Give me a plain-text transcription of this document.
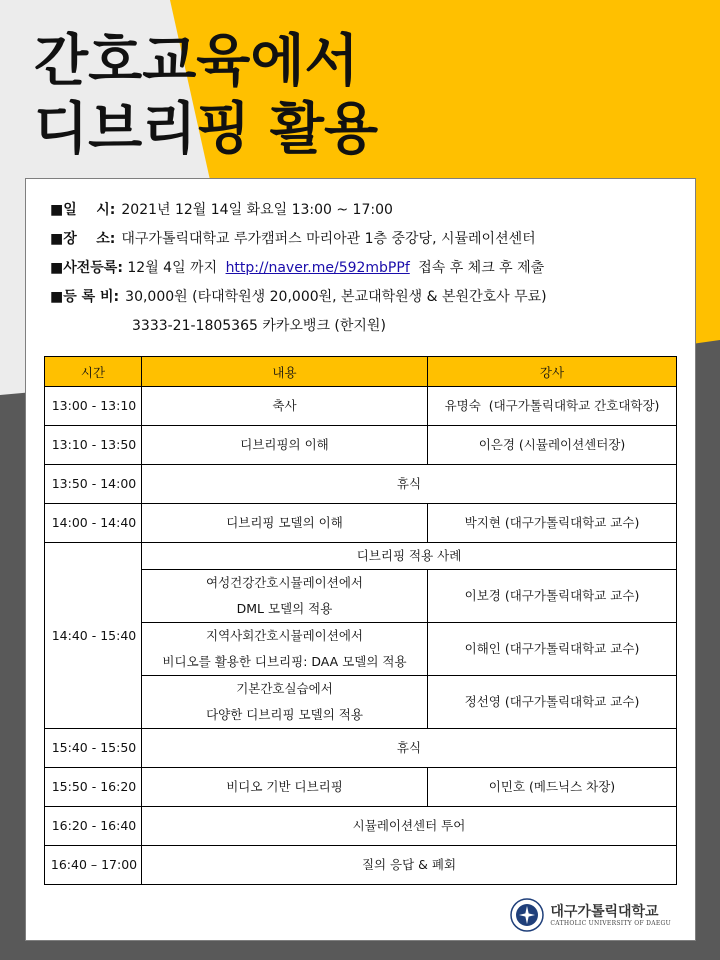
간호교육에서
디브리핑 활용
■일    시: 2021년 12월 14일 화요일 13:00 ~ 17:00
■장    소: 대구가톨릭대학교 루가캠퍼스 마리아관 1층 중강당, 시뮬레이션센터
■사전등록: 12월 4일 까지 http://naver.me/592mbPPf 접속 후 체크 후 제출
■등 록 비: 30,000원 (타대학원생 20,000원, 본교대학원생 & 본원간호사 무료)
3333-21-1805365 카카오뱅크 (한지원)
시간	내용	강사
13:00 - 13:10	축사	유명숙  (대구가톨릭대학교 간호대학장)
13:10 - 13:50	디브리핑의 이해	이은경 (시뮬레이션센터장)
13:50 - 14:00	휴식	
14:00 - 14:40	디브리핑 모델의 이해	박지현 (대구가톨릭대학교 교수)
14:40 - 15:40	디브리핑 적용 사례	

	여성건강간호시뮬레이션에서
DML 모델의 적용	이보경 (대구가톨릭대학교 교수)

	지역사회간호시뮬레이션에서
비디오를 활용한 디브리핑: DAA 모델의 적용	이해인 (대구가톨릭대학교 교수)

	기본간호실습에서
다양한 디브리핑 모델의 적용	정선영 (대구가톨릭대학교 교수)
15:40 - 15:50	휴식	
15:50 - 16:20	비디오 기반 디브리핑	이민호 (메드닉스 차장)
16:20 - 16:40	시뮬레이션센터 투어	
16:40 – 17:00	질의 응답 & 폐회	
대구가톨릭대학교
CATHOLIC UNIVERSITY OF DAEGU
